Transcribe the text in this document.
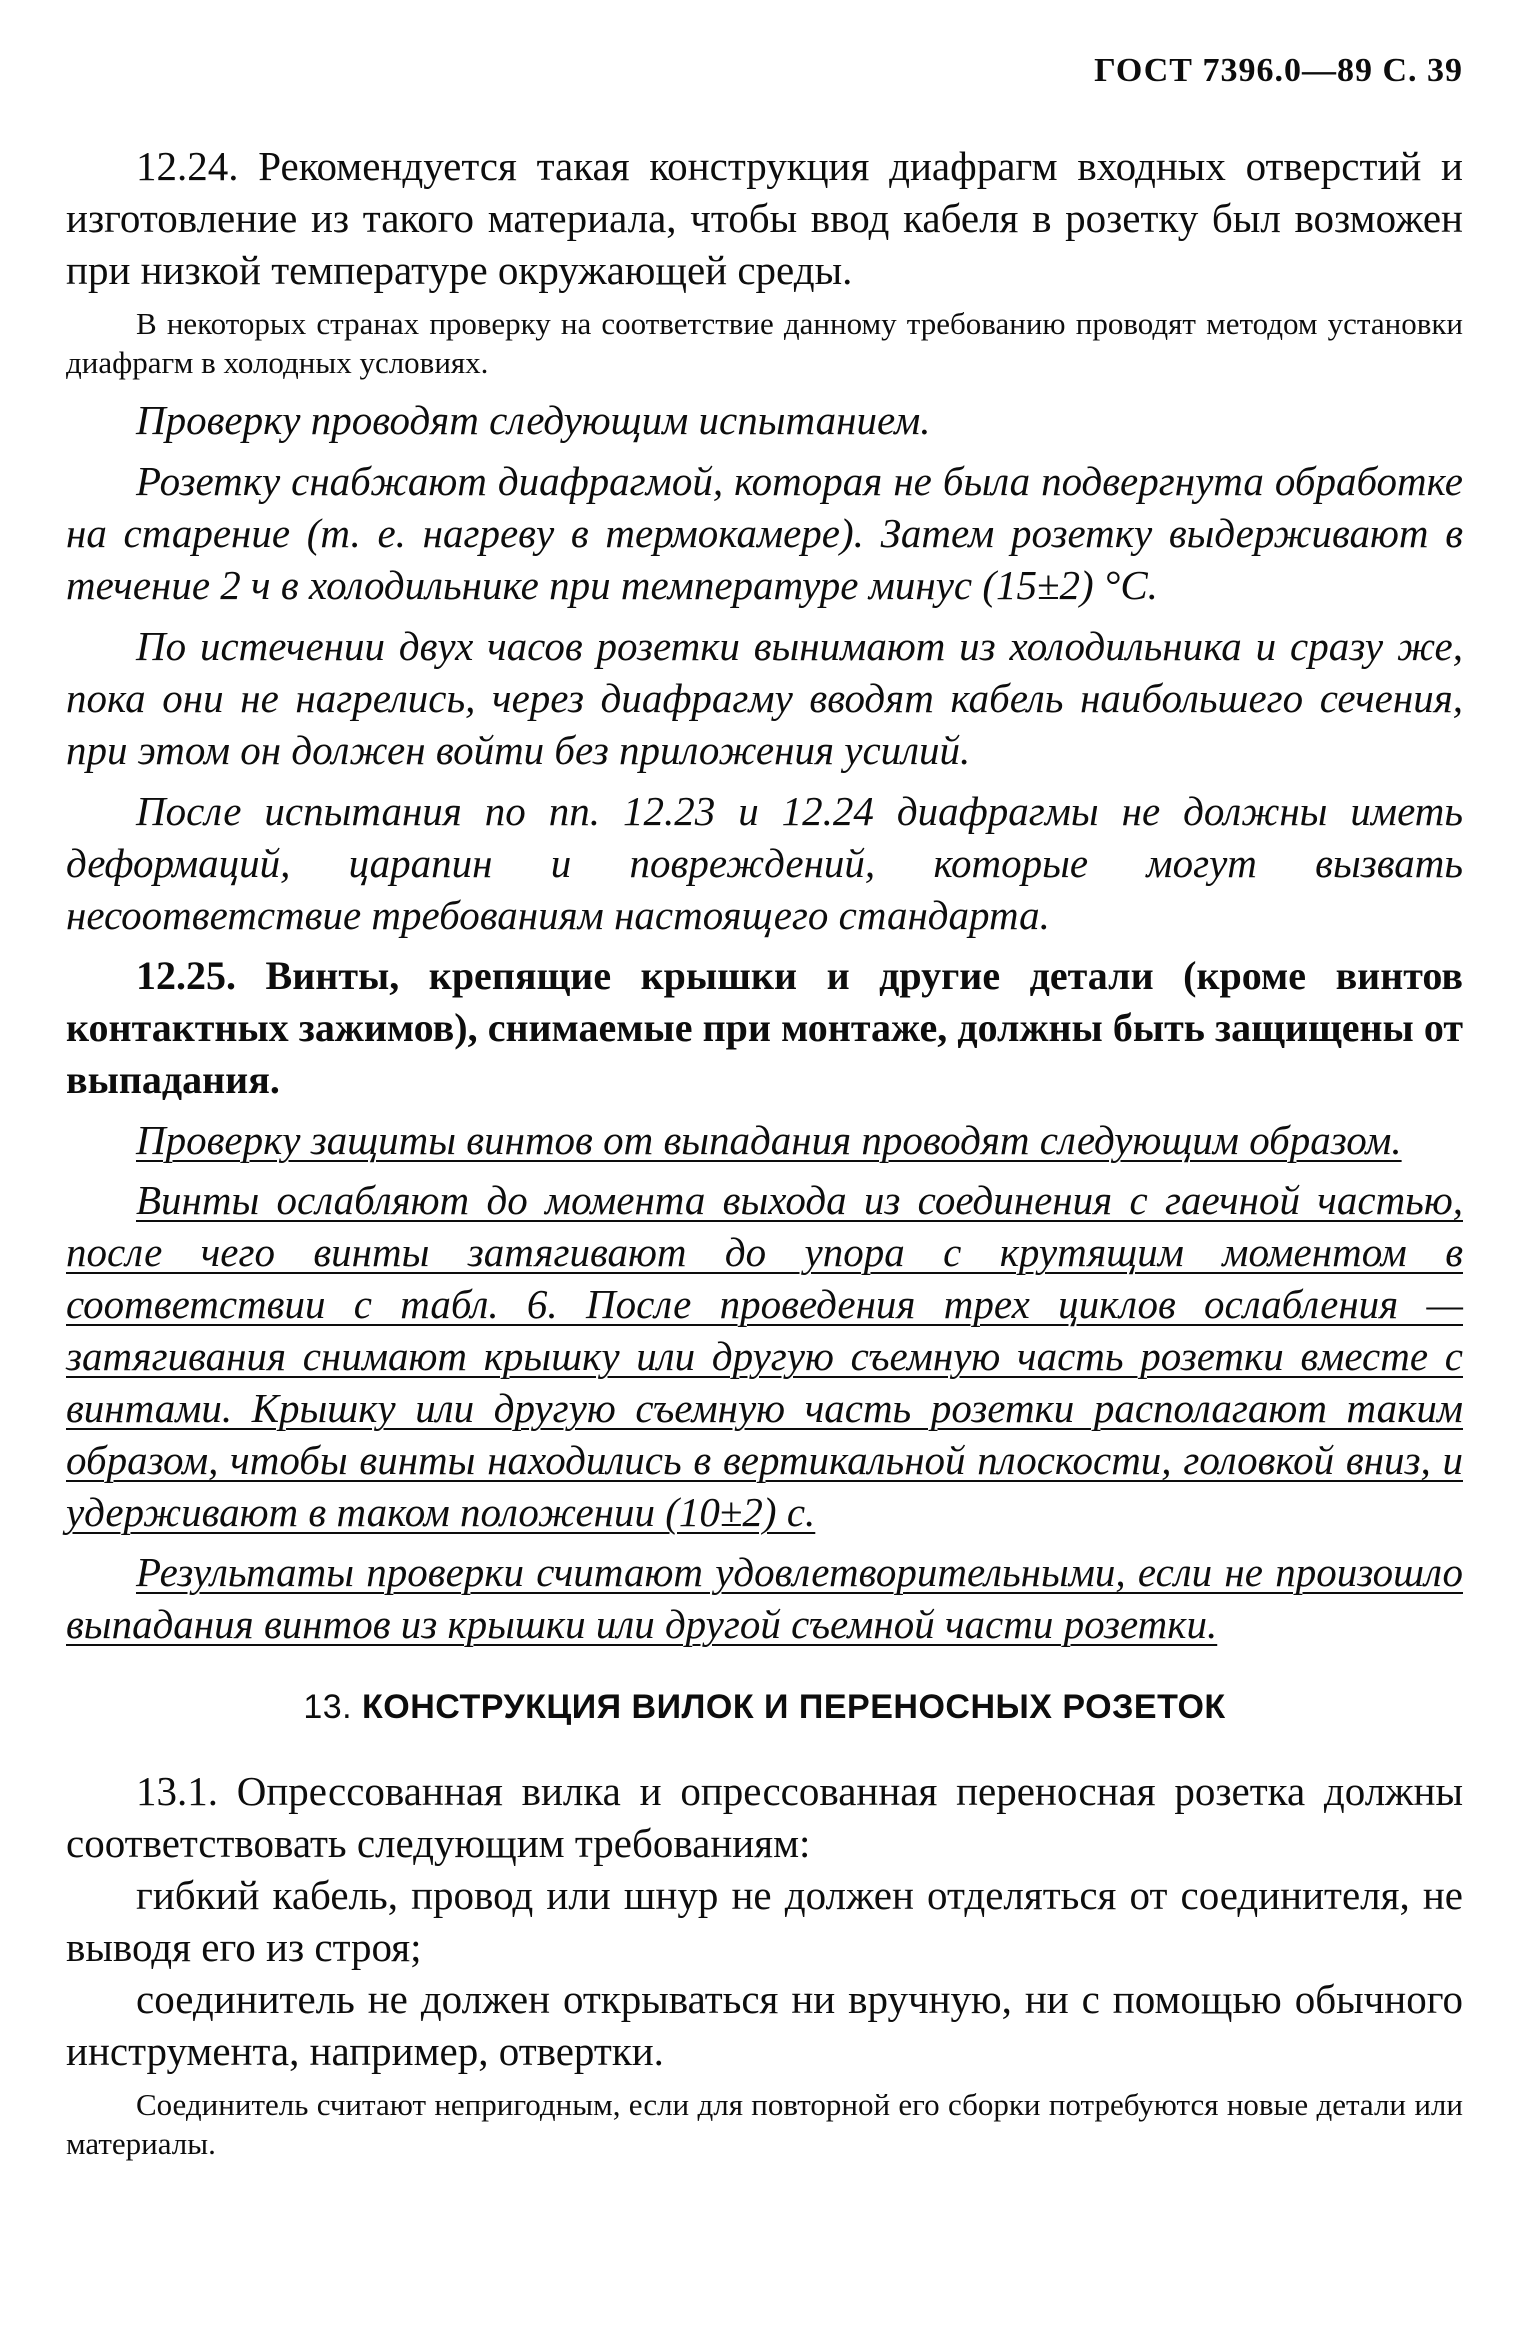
ГОСТ 7396.0—89 С. 39

12.24. Рекомендуется такая конструкция диафрагм входных отверстий и изготовление из такого материала, чтобы ввод кабеля в розетку был возможен при низкой температуре окружающей среды.

В некоторых странах проверку на соответствие данному требованию проводят методом установки диафрагм в холодных условиях.

Проверку проводят следующим испытанием.

Розетку снабжают диафрагмой, которая не была подвергнута обработке на старение (т. е. нагреву в термокамере). Затем розетку выдерживают в течение 2 ч в холодильнике при температуре минус (15±2) °С.

По истечении двух часов розетки вынимают из холодильника и сразу же, пока они не нагрелись, через диафрагму вводят кабель наибольшего сечения, при этом он должен войти без приложения усилий.

После испытания по пп. 12.23 и 12.24 диафрагмы не должны иметь деформаций, царапин и повреждений, которые могут вызвать несоответствие требованиям настоящего стандарта.

12.25. Винты, крепящие крышки и другие детали (кроме винтов контактных зажимов), снимаемые при монтаже, должны быть защищены от выпадания.

Проверку защиты винтов от выпадания проводят следующим образом.

Винты ослабляют до момента выхода из соединения с гаечной частью, после чего винты затягивают до упора с крутящим моментом в соответствии с табл. 6. После проведения трех циклов ослабления — затягивания снимают крышку или другую съемную часть розетки вместе с винтами. Крышку или другую съемную часть розетки располагают таким образом, чтобы винты находились в вертикальной плоскости, головкой вниз, и удерживают в таком положении (10±2) с.

Результаты проверки считают удовлетворительными, если не произошло выпадания винтов из крышки или другой съемной части розетки.

13. КОНСТРУКЦИЯ ВИЛОК И ПЕРЕНОСНЫХ РОЗЕТОК

13.1. Опрессованная вилка и опрессованная переносная розетка должны соответствовать следующим требованиям:

гибкий кабель, провод или шнур не должен отделяться от соединителя, не выводя его из строя;

соединитель не должен открываться ни вручную, ни с помощью обычного инструмента, например, отвертки.

Соединитель считают непригодным, если для повторной его сборки потребуются новые детали или материалы.
